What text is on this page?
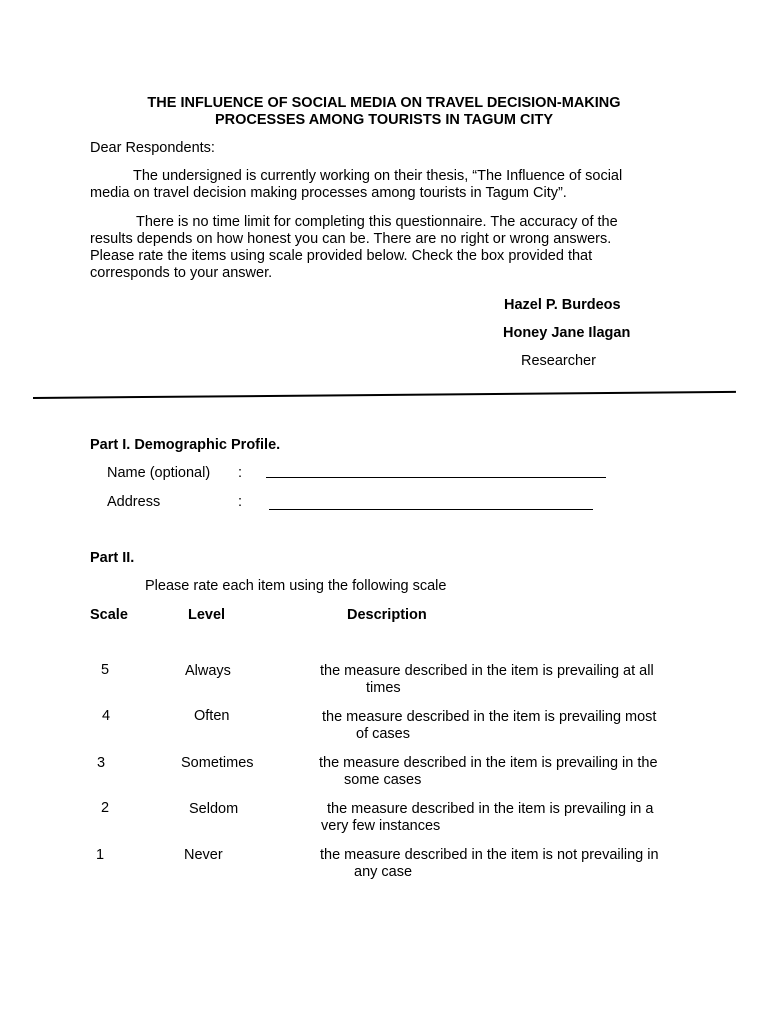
THE INFLUENCE OF SOCIAL MEDIA ON TRAVEL DECISION-MAKING
PROCESSES AMONG TOURISTS IN TAGUM CITY
Dear Respondents:
The undersigned is currently working on their thesis, “The Influence of social
media on travel decision making processes among tourists in Tagum City”.
There is no time limit for completing this questionnaire. The accuracy of the
results depends on how honest you can be. There are no right or wrong answers.
Please rate the items using scale provided below. Check the box provided that
corresponds to your answer.
Hazel P. Burdeos
Honey Jane Ilagan
Researcher
Part I. Demographic Profile.
Name (optional) :
Address	:
Part II.
Please rate each item using the following scale
Scale	Level	Description
5	Always	the measure described in the item is prevailing at all
times
4	Often	the measure described in the item is prevailing most
of cases
3	Sometimes	the measure described in the item is prevailing in the
some cases
2	Seldom	the measure described in the item is prevailing in a
very few instances
1	Never	the measure described in the item is not prevailing in
any case
